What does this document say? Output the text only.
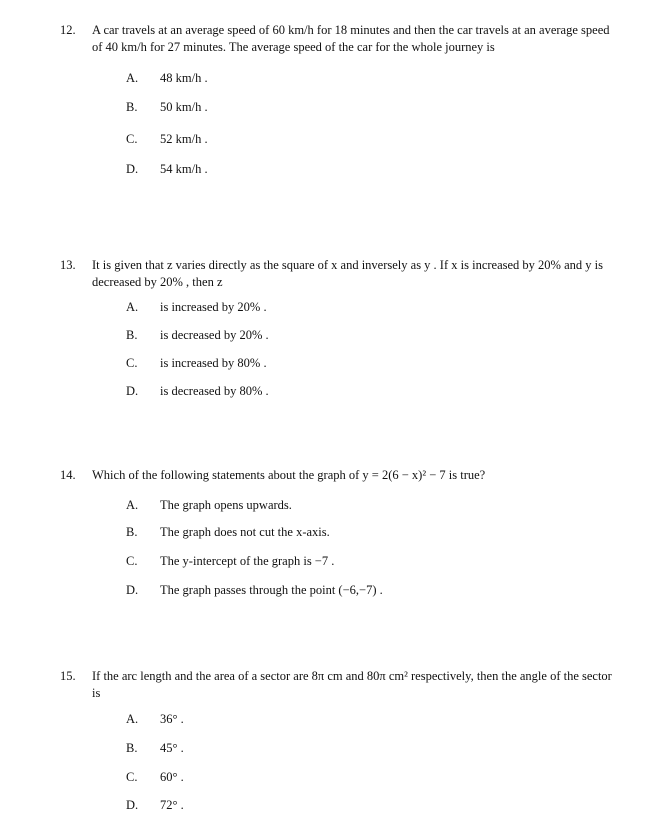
12. A car travels at an average speed of 60 km/h for 18 minutes and then the car travels at an average speed of 40 km/h for 27 minutes. The average speed of the car for the whole journey is
A. 48 km/h .
B. 50 km/h .
C. 52 km/h .
D. 54 km/h .
13. It is given that z varies directly as the square of x and inversely as y . If x is increased by 20% and y is decreased by 20% , then z
A. is increased by 20% .
B. is decreased by 20% .
C. is increased by 80% .
D. is decreased by 80% .
14. Which of the following statements about the graph of y = 2(6 − x)² − 7 is true?
A. The graph opens upwards.
B. The graph does not cut the x-axis.
C. The y-intercept of the graph is −7 .
D. The graph passes through the point (−6,−7) .
15. If the arc length and the area of a sector are 8π cm and 80π cm² respectively, then the angle of the sector is
A. 36° .
B. 45° .
C. 60° .
D. 72° .
